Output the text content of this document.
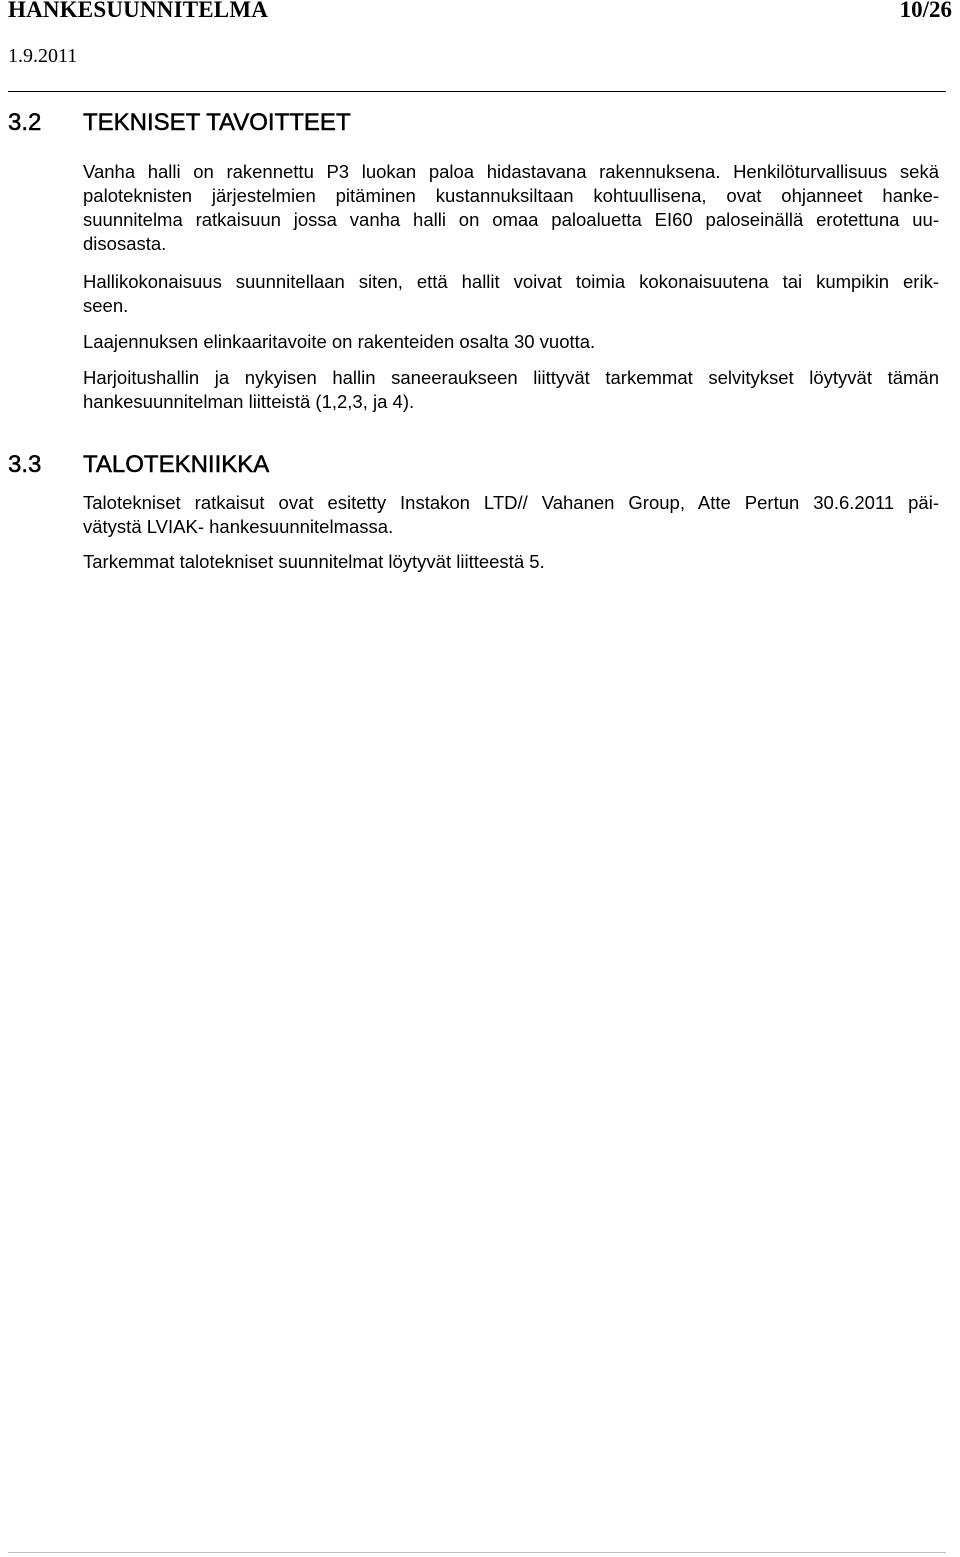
HANKESUUNNITELMA	10/26
1.9.2011
3.2 TEKNISET TAVOITTEET

Vanha halli on rakennettu P3 luokan paloa hidastavana rakennuksena. Henkilöturvallisuus sekä
paloteknisten järjestelmien pitäminen kustannuksiltaan kohtuullisena, ovat ohjanneet hanke-
suunnitelma ratkaisuun jossa vanha halli on omaa paloaluetta EI60 paloseinällä erotettuna uu-
disosasta.

Hallikokonaisuus suunnitellaan siten, että hallit voivat toimia kokonaisuutena tai kumpikin erik-
seen.

Laajennuksen elinkaaritavoite on rakenteiden osalta 30 vuotta.

Harjoitushallin ja nykyisen hallin saneeraukseen liittyvät tarkemmat selvitykset löytyvät tämän
hankesuunnitelman liitteistä (1,2,3, ja 4).

3.3 TALOTEKNIIKKA

Talotekniset ratkaisut ovat esitetty Instakon LTD// Vahanen Group, Atte Pertun 30.6.2011 päi-
vätystä LVIAK- hankesuunnitelmassa.

Tarkemmat talotekniset suunnitelmat löytyvät liitteestä 5.
